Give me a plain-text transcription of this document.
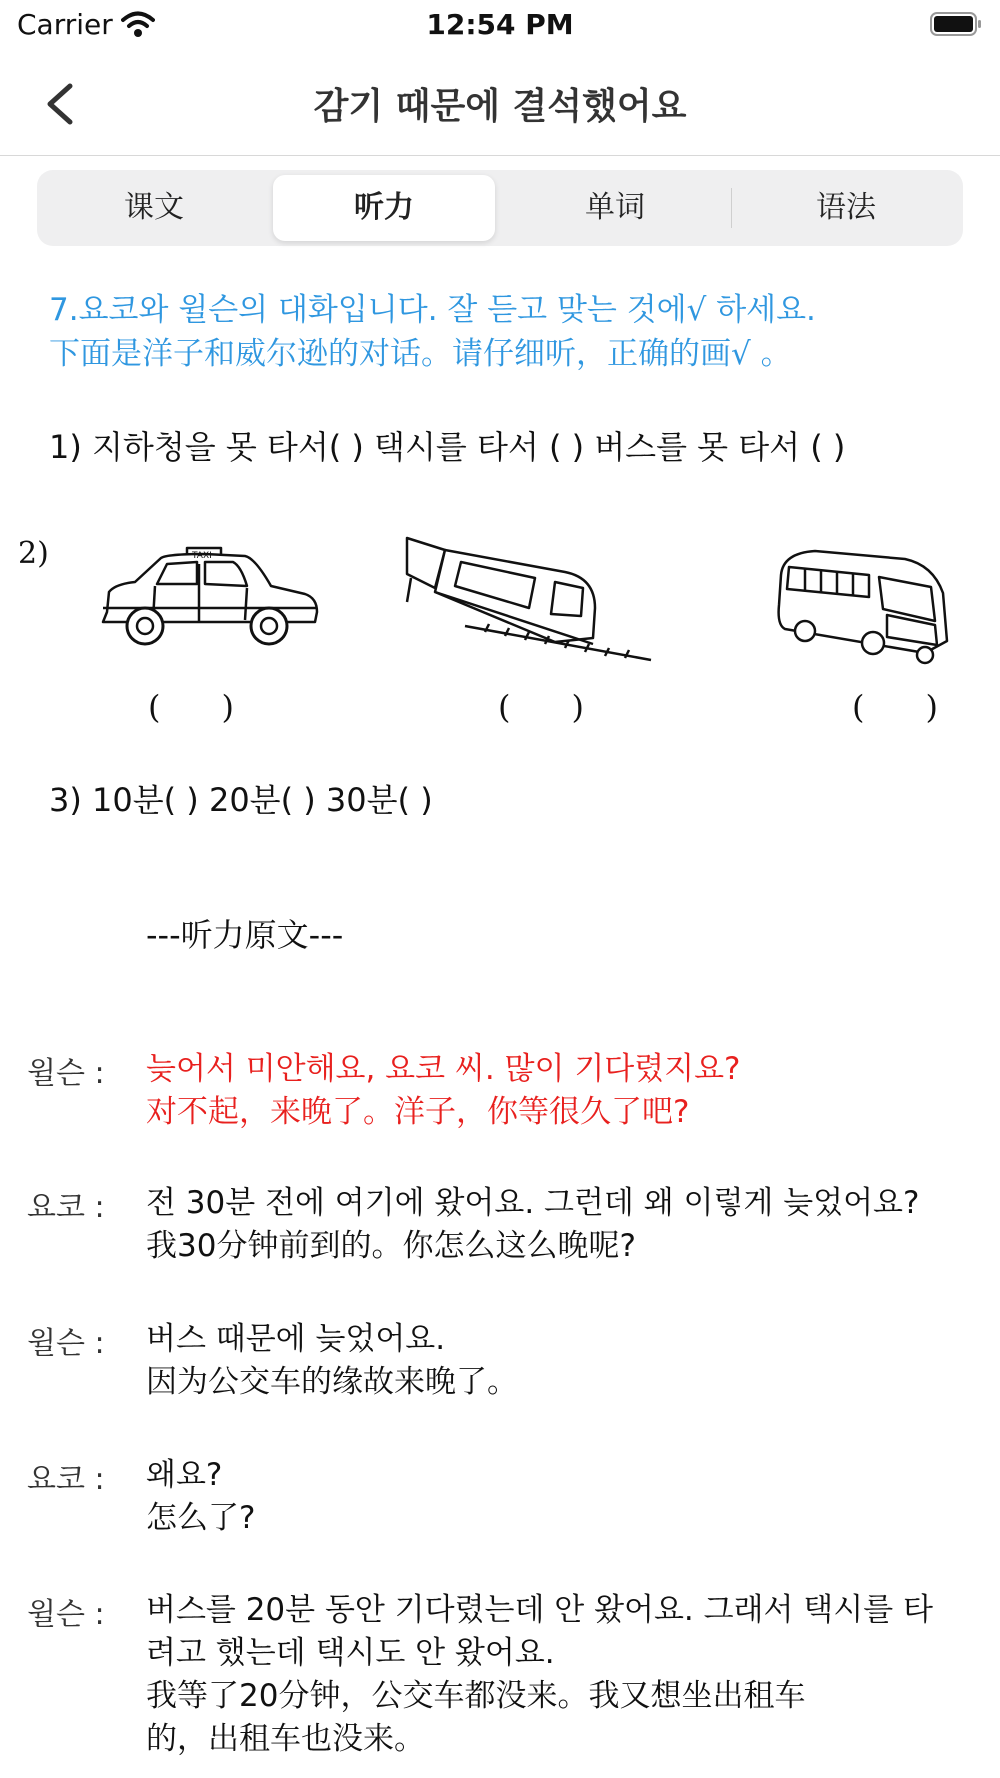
Carrier	12:54 PM
감기 때문에 결석했어요
课文	听力	单词	语法
7.요코와 윌슨의 대화입니다. 잘 듣고 맞는 것에√ 하세요.
下面是洋子和威尔逊的对话。请仔细听，正确的画√ 。
1) 지하청을 못 타서( ) 택시를 타서 ( ) 버스를 못 타서 ( )
2)	TAXI
(      )	(      )	(      )
3) 10분( ) 20분( ) 30분( )
---听力原文---
윌슨 : 늦어서 미안해요, 요코 씨. 많이 기다렸지요?
对不起，来晚了。洋子，你等很久了吧?
요코 : 전 30분 전에 여기에 왔어요. 그런데 왜 이렇게 늦었어요?
我30分钟前到的。你怎么这么晚呢?
윌슨 : 버스 때문에 늦었어요.
因为公交车的缘故来晚了。
요코 : 왜요?
怎么了?
윌슨 : 버스를 20분 동안 기다렸는데 안 왔어요. 그래서 택시를 타
려고 했는데 택시도 안 왔어요.
我等了20分钟，公交车都没来。我又想坐出租车
的，出租车也没来。
